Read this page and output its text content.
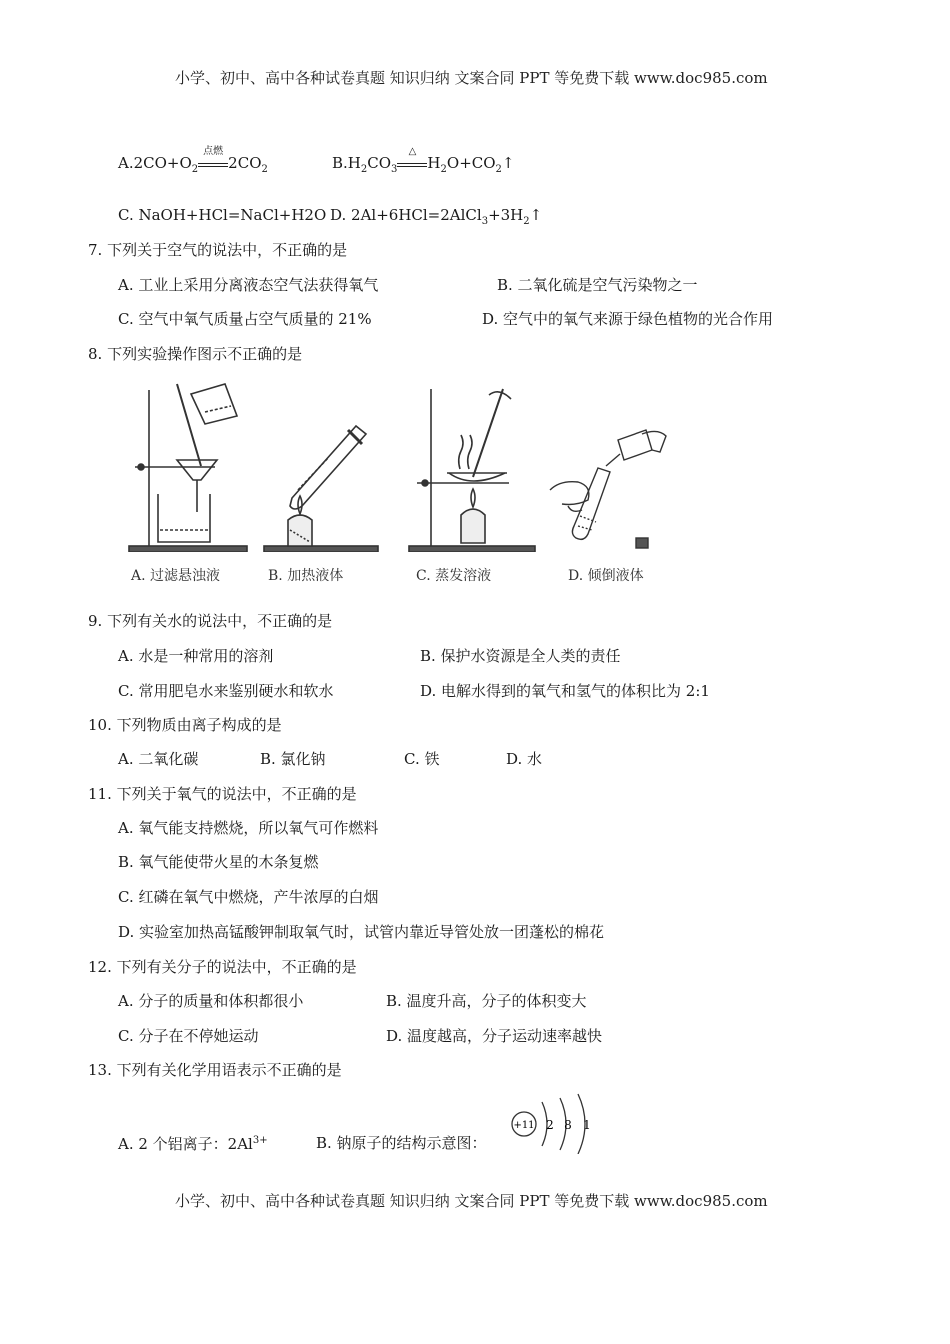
小学、初中、高中各种试卷真题 知识归纳 文案合同 PPT 等免费下载 www.doc985.com
$A.2CO+O_2$
点燃
$2CO_2$	$B.H_2CO_3$
△
$H_2O+CO_2↑$
C. NaOH+HCl=NaCl+H2O D. $2Al+6HCl=2AlCl_3+3H_2↑$
7. 下列关于空气的说法中，不正确的是
A. 工业上采用分离液态空气法获得氧气	B. 二氧化硫是空气污染物之一
C. 空气中氧气质量占空气质量的 21%	D. 空气中的氧气来源于绿色植物的光合作用
8. 下列实验操作图示不正确的是
A. 过滤悬浊液	B. 加热液体	C. 蒸发溶液	D. 倾倒液体
9. 下列有关水的说法中，不正确的是
A. 水是一种常用的溶剂	B. 保护水资源是全人类的责任
C. 常用肥皂水来鉴别硬水和软水	D. 电解水得到的氧气和氢气的体积比为 2:1
10. 下列物质由离子构成的是
A. 二氧化碳	B. 氯化钠	C. 铁	D. 水
11. 下列关于氧气的说法中，不正确的是
A. 氧气能支持燃烧，所以氧气可作燃料
B. 氧气能使带火星的木条复燃
C. 红磷在氧气中燃烧，产牛浓厚的白烟
D. 实验室加热高锰酸钾制取氧气时，试管内靠近导管处放一团蓬松的棉花
12. 下列有关分子的说法中，不正确的是
A. 分子的质量和体积都很小	B. 温度升高，分子的体积变大
C. 分子在不停她运动	D. 温度越高，分子运动速率越快
13. 下列有关化学用语表示不正确的是
A. 2 个铝离子：$2Al^{3+}$	B. 钠原子的结构示意图：
+11 2 8 1
小学、初中、高中各种试卷真题 知识归纳 文案合同 PPT 等免费下载 www.doc985.com
